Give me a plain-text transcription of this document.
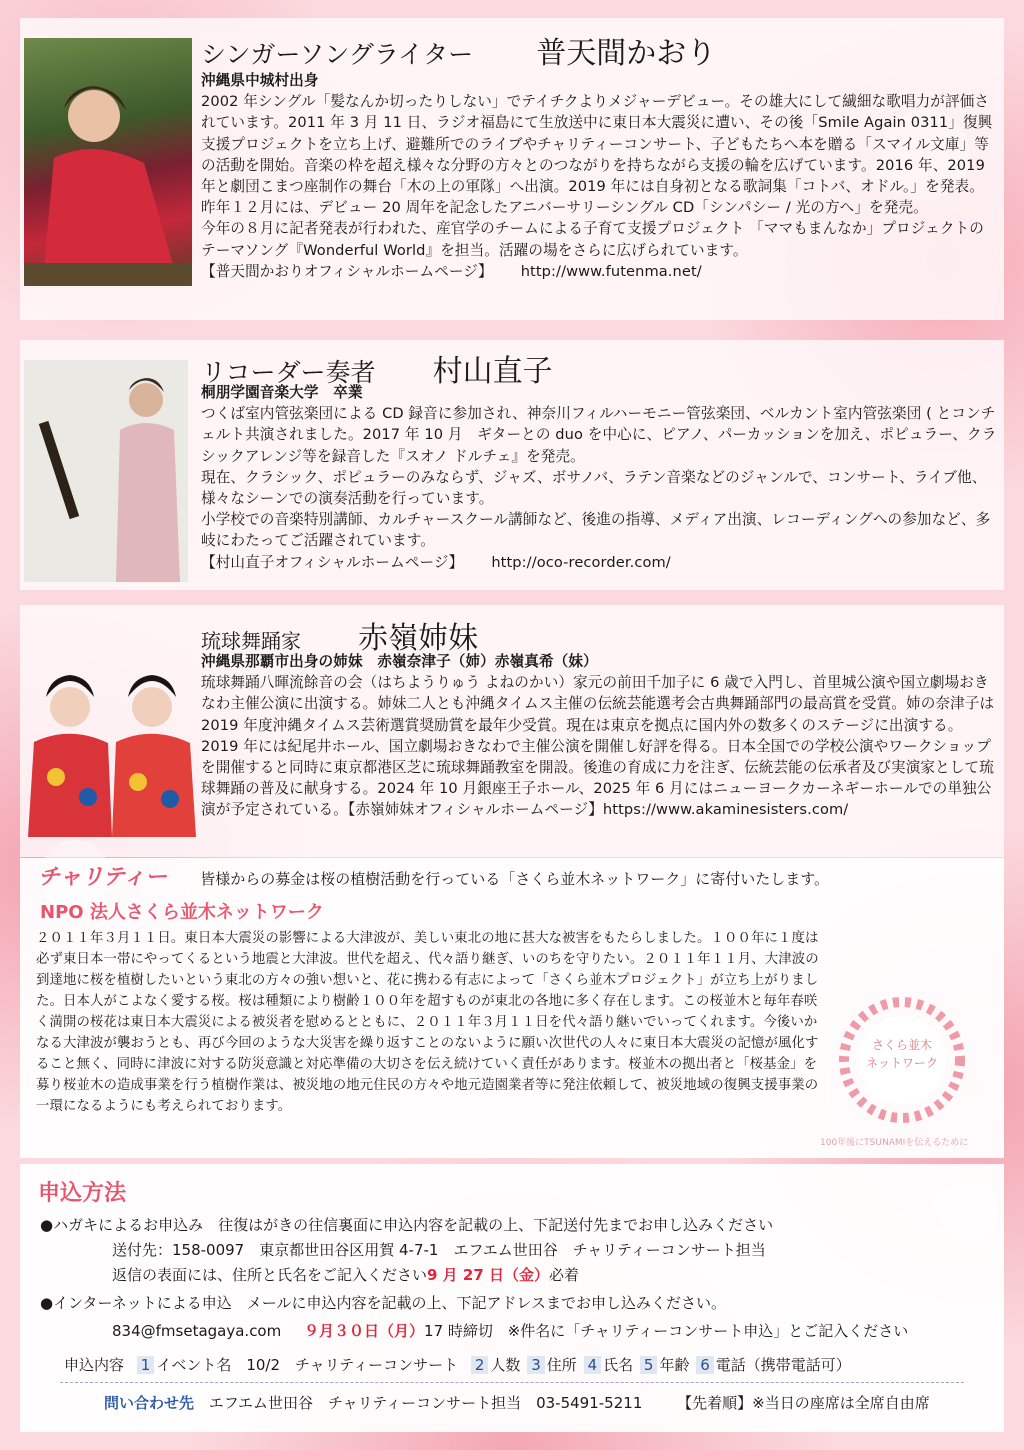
シンガーソングライター 普天間かおり

沖縄県中城村出身

2002 年シングル「髪なんか切ったりしない」でテイチクよりメジャーデビュー。その雄大にして繊細な歌唱力が評価されています。2011 年 3 月 11 日、ラジオ福島にて生放送中に東日本大震災に遭い、その後「Smile Again 0311」復興支援プロジェクトを立ち上げ、避難所でのライブやチャリティーコンサート、子どもたちへ本を贈る「スマイル文庫」等の活動を開始。音楽の枠を超え様々な分野の方々とのつながりを持ちながら支援の輪を広げています。2016 年、2019 年と劇団こまつ座制作の舞台「木の上の軍隊」へ出演。2019 年には自身初となる歌詞集「コトバ、オドル。」を発表。昨年１２月には、デビュー 20 周年を記念したアニバーサリーシングル CD「シンパシー / 光の方へ」を発売。

今年の８月に記者発表が行われた、産官学のチームによる子育て支援プロジェクト 「ママもまんなか」プロジェクトのテーマソング『Wonderful World』を担当。活躍の場をさらに広げられています。

【普天間かおりオフィシャルホームページ】 http://www.futenma.net/

リコーダー奏者 村山直子

桐朋学園音楽大学　卒業

つくば室内管弦楽団による CD 録音に参加され、神奈川フィルハーモニー管弦楽団、ベルカント室内管弦楽団 ( とコンチェルト共演されました。2017 年 10 月　ギターとの duo を中心に、ピアノ、パーカッションを加え、ポピュラー、クラシックアレンジ等を録音した『スオノ ドルチェ』を発売。

現在、クラシック、ポピュラーのみならず、ジャズ、ボサノバ、ラテン音楽などのジャンルで、コンサート、ライブ他、様々なシーンでの演奏活動を行っています。

小学校での音楽特別講師、カルチャースクール講師など、後進の指導、メディア出演、レコーディングへの参加など、多岐にわたってご活躍されています。

【村山直子オフィシャルホームページ】 http://oco-recorder.com/

琉球舞踊家 赤嶺姉妹

沖縄県那覇市出身の姉妹　赤嶺奈津子（姉）赤嶺真希（妹）

琉球舞踊八暉流餘音の会（はちようりゅう よねのかい）家元の前田千加子に 6 歳で入門し、首里城公演や国立劇場おきなわ主催公演に出演する。姉妹二人とも沖縄タイムス主催の伝統芸能選考会古典舞踊部門の最高賞を受賞。姉の奈津子は 2019 年度沖縄タイムス芸術選賞奨励賞を最年少受賞。現在は東京を拠点に国内外の数多くのステージに出演する。2019 年には紀尾井ホール、国立劇場おきなわで主催公演を開催し好評を得る。日本全国での学校公演やワークショップを開催すると同時に東京都港区芝に琉球舞踊教室を開設。後進の育成に力を注ぎ、伝統芸能の伝承者及び実演家として琉球舞踊の普及に献身する。2024 年 10 月銀座王子ホール、2025 年 6 月にはニューヨークカーネギーホールでの単独公演が予定されている。【赤嶺姉妹オフィシャルホームページ】https://www.akaminesisters.com/

チャリティー 皆様からの募金は桜の植樹活動を行っている「さくら並木ネットワーク」に寄付いたします。
NPO 法人さくら並木ネットワーク
２０１１年３月１１日。東日本大震災の影響による大津波が、美しい東北の地に甚大な被害をもたらしました。１００年に１度は必ず東日本一帯にやってくるという地震と大津波。世代を超え、代々語り継ぎ、いのちを守りたい。２０１１年１１月、大津波の到達地に桜を植樹したいという東北の方々の強い想いと、花に携わる有志によって「さくら並木プロジェクト」が立ち上がりました。日本人がこよなく愛する桜。桜は種類により樹齢１００年を超すものが東北の各地に多く存在します。この桜並木と毎年春咲く満開の桜花は東日本大震災による被災者を慰めるとともに、２０１１年３月１１日を代々語り継いでいってくれます。今後いかなる大津波が襲おうとも、再び今回のような大災害を繰り返すことのないように願い次世代の人々に東日本大震災の記憶が風化すること無く、同時に津波に対する防災意識と対応準備の大切さを伝え続けていく責任があります。桜並木の拠出者と「桜基金」を募り桜並木の造成事業を行う植樹作業は、被災地の地元住民の方々や地元造園業者等に発注依頼して、被災地域の復興支援事業の一環になるようにも考えられております。
さくら並木
ネットワーク
100年後にTSUNAMIを伝えるために
申込方法
●ハガキによるお申込み　往復はがきの往信裏面に申込内容を記載の上、下記送付先までお申し込みください
送付先：158-0097　東京都世田谷区用賀 4-7-1　エフエム世田谷　チャリティーコンサート担当
返信の表面には、住所と氏名をご記入ください9 月 27 日（金）必着
●インターネットによる申込　メールに申込内容を記載の上、下記アドレスまでお申し込みください。
834@fmsetagaya.com ９月３０日（月）17 時締切 ※件名に「チャリティーコンサート申込」とご記入ください
申込内容 1 イベント名　10/2　チャリティーコンサート 2 人数 3 住所 4 氏名 5 年齢 6 電話（携帯電話可）
問い合わせ先 エフエム世田谷　チャリティーコンサート担当　03-5491-5211 【先着順】※当日の座席は全席自由席
